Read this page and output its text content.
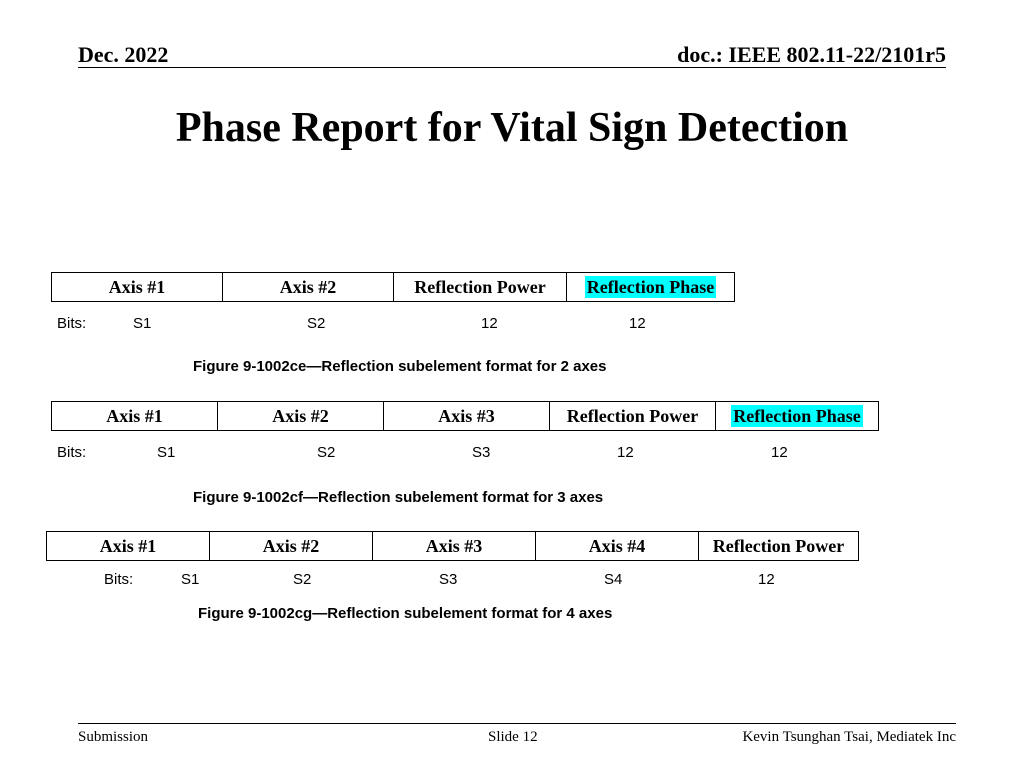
Dec. 2022	doc.: IEEE 802.11-22/2101r5
Phase Report for Vital Sign Detection
Axis #1	Axis #2	Reflection Power	Reflection Phase
Bits:	S1	S2	12	12
Figure 9-1002ce—Reflection subelement format for 2 axes
Axis #1	Axis #2	Axis #3	Reflection Power	Reflection Phase
Bits:	S1	S2	S3	12	12
Figure 9-1002cf—Reflection subelement format for 3 axes
Axis #1	Axis #2	Axis #3	Axis #4	Reflection Power
Bits:	S1	S2	S3	S4	12
Figure 9-1002cg—Reflection subelement format for 4 axes
Submission	Slide 12	Kevin Tsunghan Tsai, Mediatek Inc
